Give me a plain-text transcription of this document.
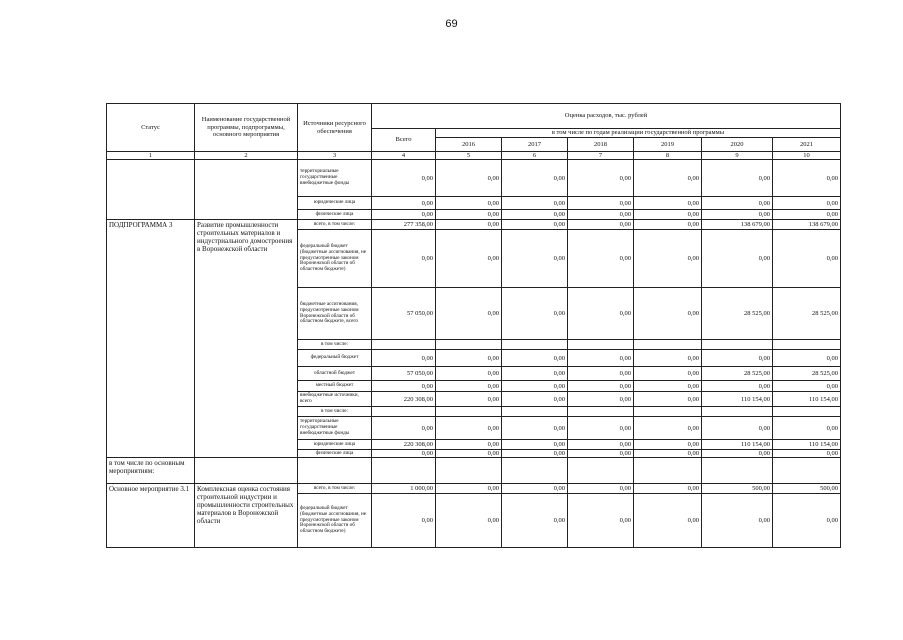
69
Статус	Наименование государственной программы, подпрограммы, основного мероприятия	Источники ресурсного обеспечения	Оценка расходов, тыс. рублей						
			Всего	в том числе по годам реализации государственной программы					
				2016	2017	2018	2019	2020	2021
1	2	3	4	5	6	7	8	9	10
		территориальные государственные внебюджетные фонды	0,00	0,00	0,00	0,00	0,00	0,00	0,00
		юридические лица	0,00	0,00	0,00	0,00	0,00	0,00	0,00
		физические лица	0,00	0,00	0,00	0,00	0,00	0,00	0,00
ПОДПРОГРАММА 3	Развитие промышленности строительных материалов и индустриального домостроения в Воронежской области	всего, в том числе:	277 358,00	0,00	0,00	0,00	0,00	138 679,00	138 679,00
		федеральный бюджет (бюджетные ассигнования, не предусмотренные законом Воронежской области об областном бюджете)	0,00	0,00	0,00	0,00	0,00	0,00	0,00
		бюджетные ассигнования, предусмотренные законом Воронежской области об областном бюджете, всего	57 050,00	0,00	0,00	0,00	0,00	28 525,00	28 525,00
		в том числе:							
		федеральный бюджет	0,00	0,00	0,00	0,00	0,00	0,00	0,00
		областной бюджет	57 050,00	0,00	0,00	0,00	0,00	28 525,00	28 525,00
		местный бюджет	0,00	0,00	0,00	0,00	0,00	0,00	0,00
		внебюджетные источники, всего	220 308,00	0,00	0,00	0,00	0,00	110 154,00	110 154,00
		в том числе:							
		территориальные государственные внебюджетные фонды	0,00	0,00	0,00	0,00	0,00	0,00	0,00
		юридические лица	220 308,00	0,00	0,00	0,00	0,00	110 154,00	110 154,00
		физические лица	0,00	0,00	0,00	0,00	0,00	0,00	0,00
в том числе по основным мероприятиям:									
Основное мероприятие 3.1	Комплексная оценка состояния строительной индустрии и промышленности строительных материалов в Воронежской области	всего, в том числе:	1 000,00	0,00	0,00	0,00	0,00	500,00	500,00
		федеральный бюджет (бюджетные ассигнования, не предусмотренные законом Воронежской области об областном бюджете)	0,00	0,00	0,00	0,00	0,00	0,00	0,00
